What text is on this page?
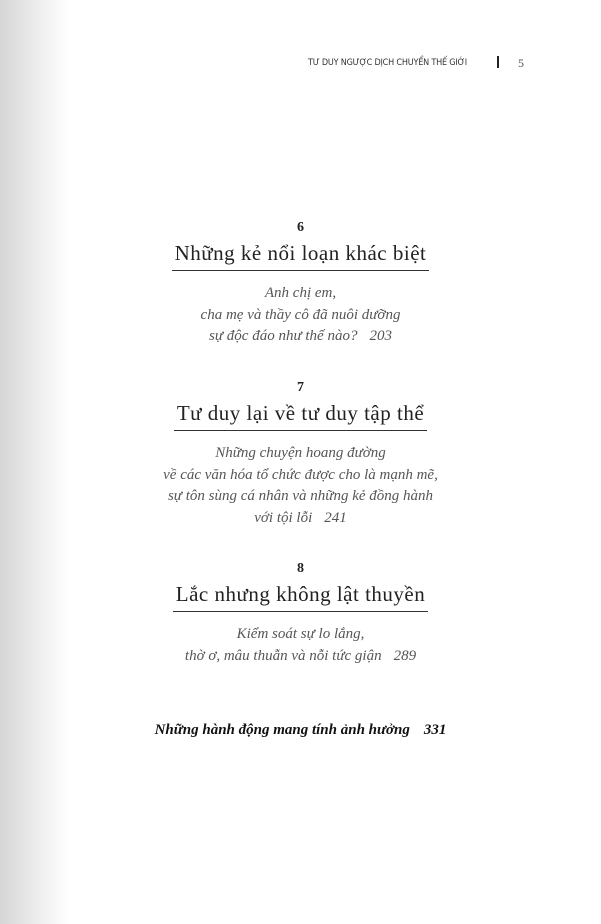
TƯ DUY NGƯỢC DỊCH CHUYỂN THẾ GIỚI	5
6
Những kẻ nổi loạn khác biệt
Anh chị em,
cha mẹ và thầy cô đã nuôi dưỡng
sự độc đáo như thế nào? 203
7
Tư duy lại về tư duy tập thể
Những chuyện hoang đường
về các văn hóa tổ chức được cho là mạnh mẽ,
sự tôn sùng cá nhân và những kẻ đồng hành
với tội lỗi 241
8
Lắc nhưng không lật thuyền
Kiểm soát sự lo lắng,
thờ ơ, mâu thuẫn và nỗi tức giận 289
Những hành động mang tính ảnh hưởng 331
